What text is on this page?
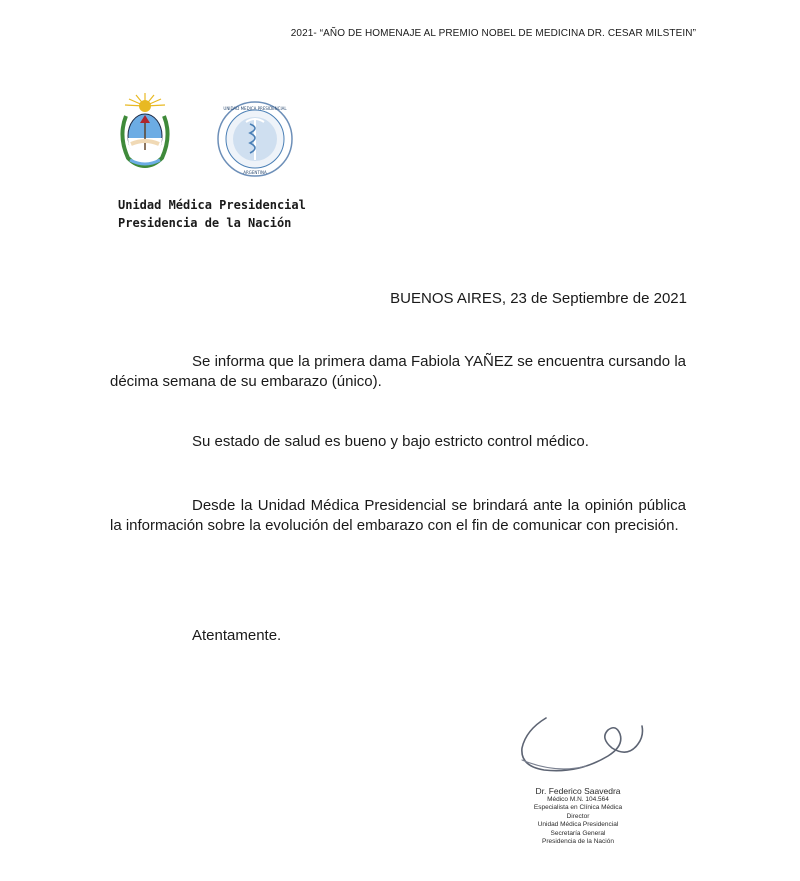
2021- “AÑO DE HOMENAJE AL PREMIO NOBEL DE MEDICINA DR. CESAR MILSTEIN”
UNIDAD MEDICA PRESIDENCIAL
ARGENTINA
Unidad Médica Presidencial
Presidencia de la Nación
BUENOS AIRES, 23 de Septiembre de 2021
Se informa que la primera dama Fabiola YAÑEZ se encuentra cursando la décima semana de su embarazo (único).
Su estado de salud es bueno y bajo estricto control médico.
Desde la Unidad Médica Presidencial se brindará ante la opinión pública la información sobre la evolución del embarazo con el fin de comunicar con precisión.
Atentamente.
Dr. Federico Saavedra
Médico M.N. 104.564
Especialista en Clínica Médica
Director
Unidad Médica Presidencial
Secretaría General
Presidencia de la Nación
